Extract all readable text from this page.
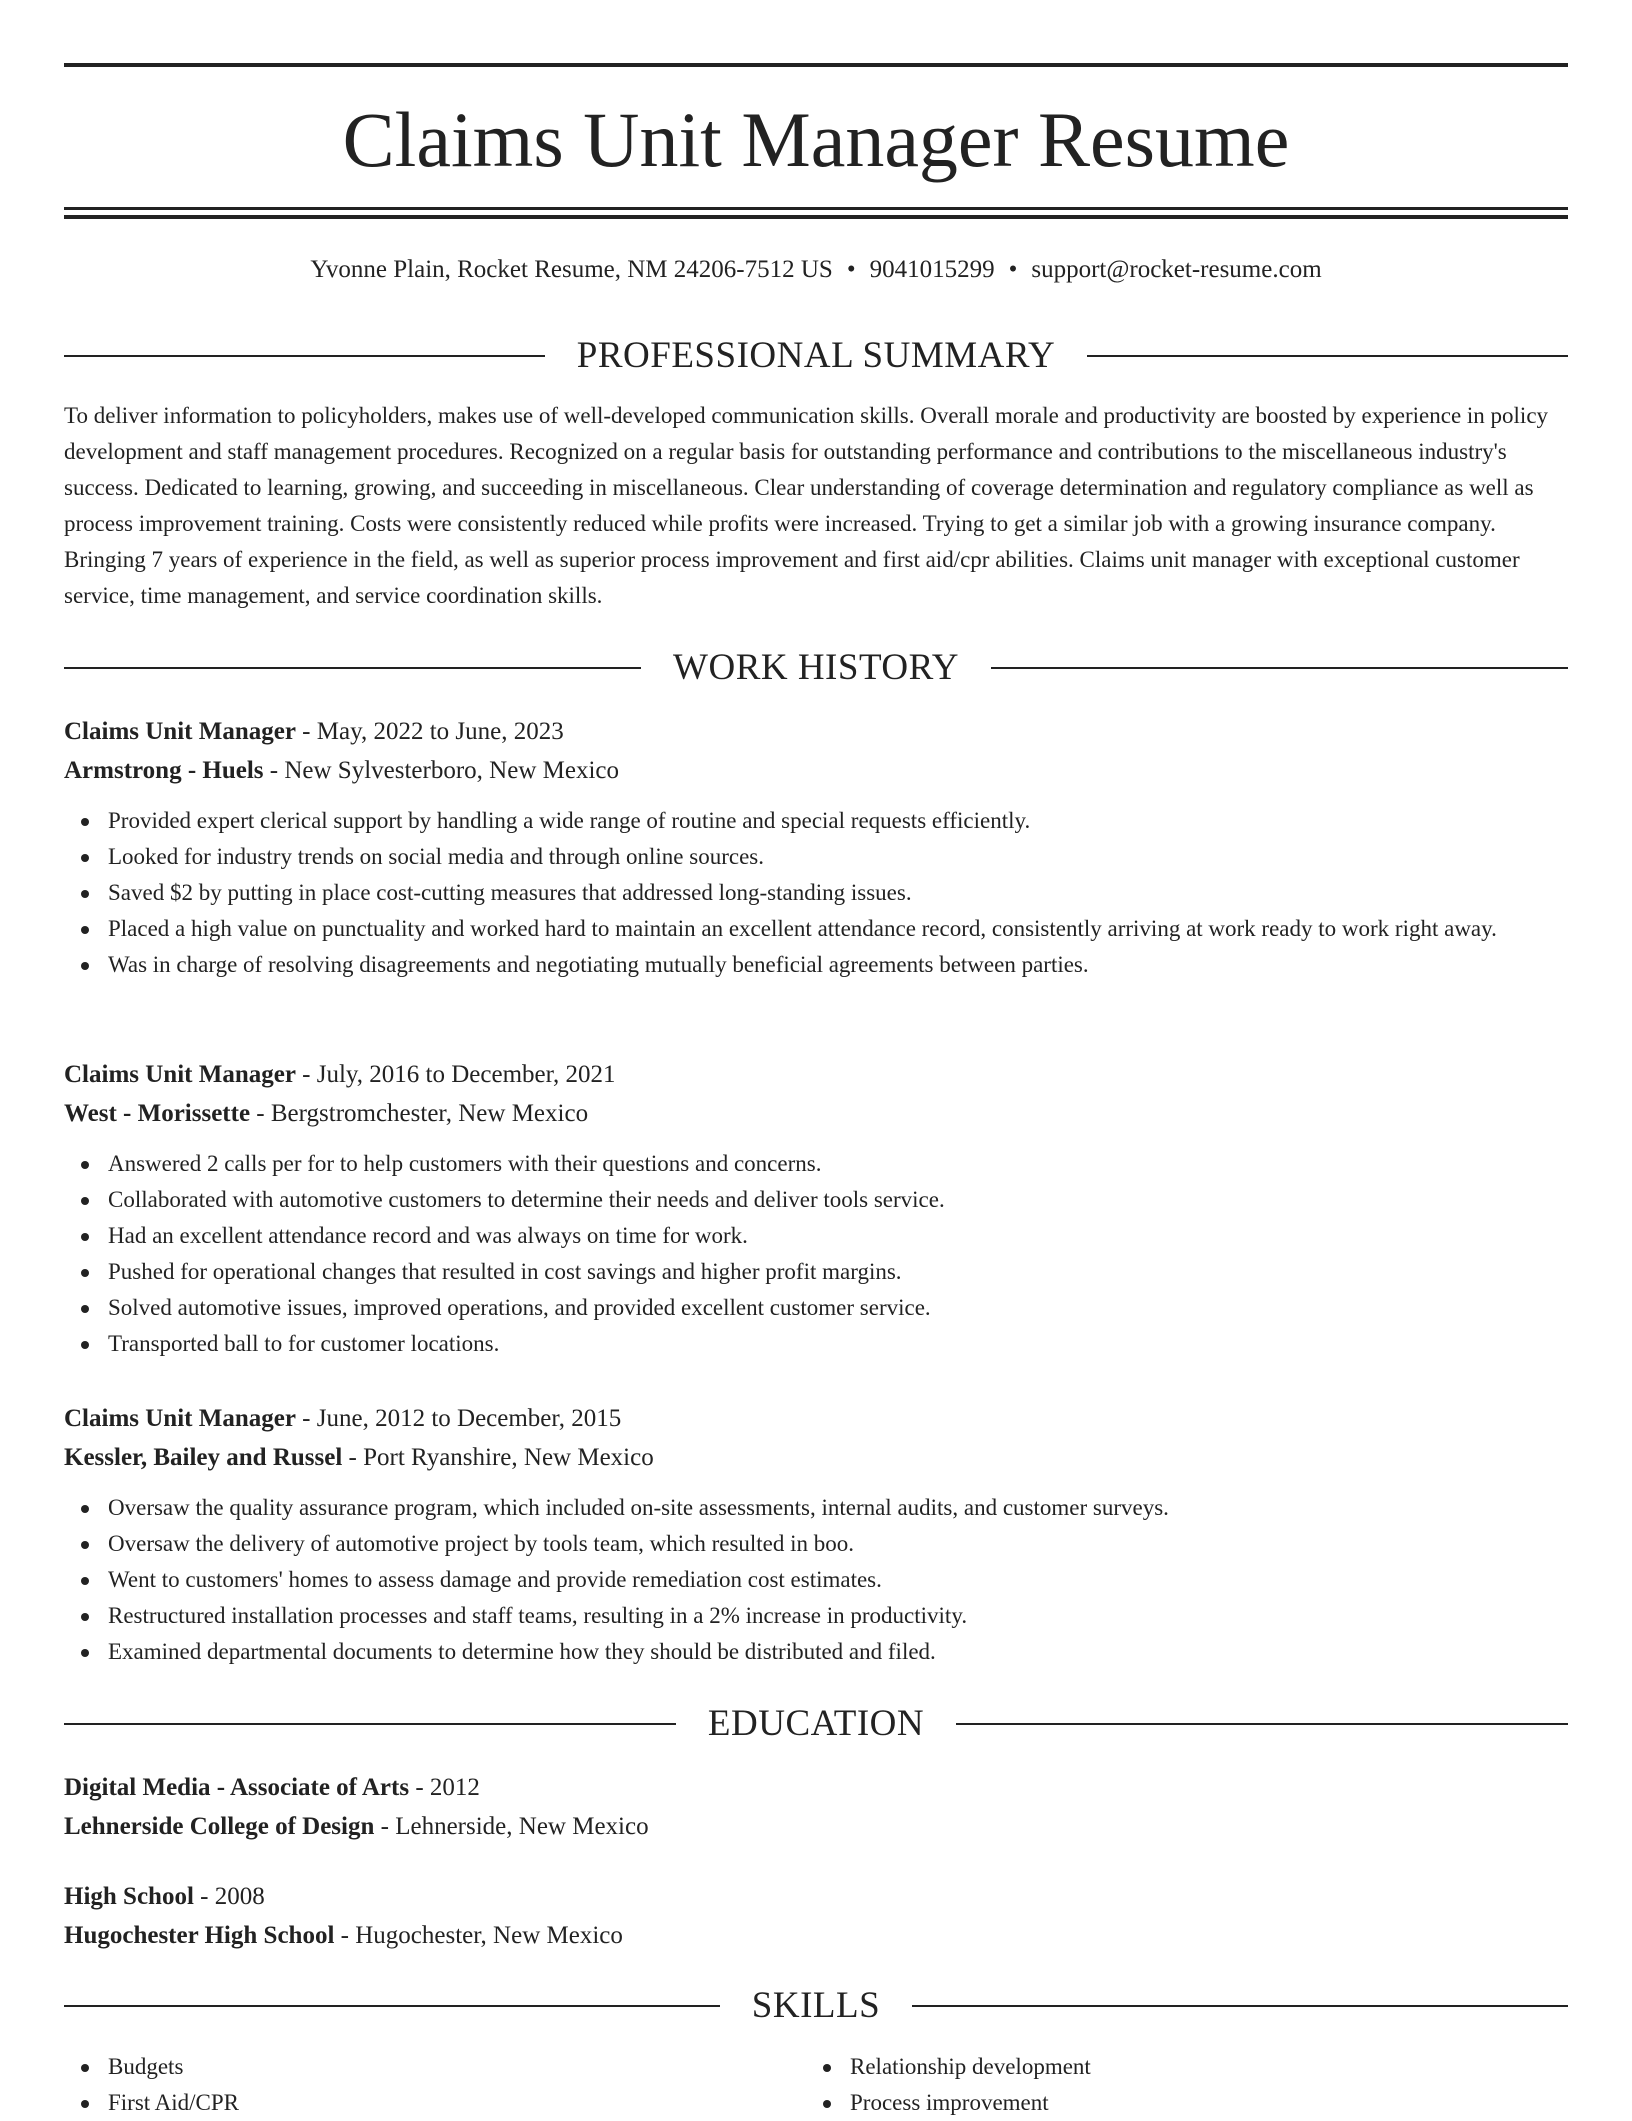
Claims Unit Manager Resume
Yvonne Plain, Rocket Resume, NM 24206-7512 US • 9041015299 • support@rocket-resume.com
PROFESSIONAL SUMMARY

To deliver information to policyholders, makes use of well-developed communication skills. Overall morale and productivity are boosted by experience in policy development and staff management procedures. Recognized on a regular basis for outstanding performance and contributions to the miscellaneous industry's success. Dedicated to learning, growing, and succeeding in miscellaneous. Clear understanding of coverage determination and regulatory compliance as well as process improvement training. Costs were consistently reduced while profits were increased. Trying to get a similar job with a growing insurance company. Bringing 7 years of experience in the field, as well as superior process improvement and first aid/cpr abilities. Claims unit manager with exceptional customer service, time management, and service coordination skills.

WORK HISTORY

Claims Unit Manager - May, 2022 to June, 2023

Armstrong - Huels - New Sylvesterboro, New Mexico

Provided expert clerical support by handling a wide range of routine and special requests efficiently.
Looked for industry trends on social media and through online sources.
Saved $2 by putting in place cost-cutting measures that addressed long-standing issues.
Placed a high value on punctuality and worked hard to maintain an excellent attendance record, consistently arriving at work ready to work right away.
Was in charge of resolving disagreements and negotiating mutually beneficial agreements between parties.

Claims Unit Manager - July, 2016 to December, 2021

West - Morissette - Bergstromchester, New Mexico

Answered 2 calls per for to help customers with their questions and concerns.
Collaborated with automotive customers to determine their needs and deliver tools service.
Had an excellent attendance record and was always on time for work.
Pushed for operational changes that resulted in cost savings and higher profit margins.
Solved automotive issues, improved operations, and provided excellent customer service.
Transported ball to for customer locations.

Claims Unit Manager - June, 2012 to December, 2015

Kessler, Bailey and Russel - Port Ryanshire, New Mexico

Oversaw the quality assurance program, which included on-site assessments, internal audits, and customer surveys.
Oversaw the delivery of automotive project by tools team, which resulted in boo.
Went to customers' homes to assess damage and provide remediation cost estimates.
Restructured installation processes and staff teams, resulting in a 2% increase in productivity.
Examined departmental documents to determine how they should be distributed and filed.
EDUCATION

Digital Media - Associate of Arts - 2012

Lehnerside College of Design - Lehnerside, New Mexico

High School - 2008

Hugochester High School - Hugochester, New Mexico

SKILLS
Budgets
First Aid/CPR
Relationship development
Process improvement
